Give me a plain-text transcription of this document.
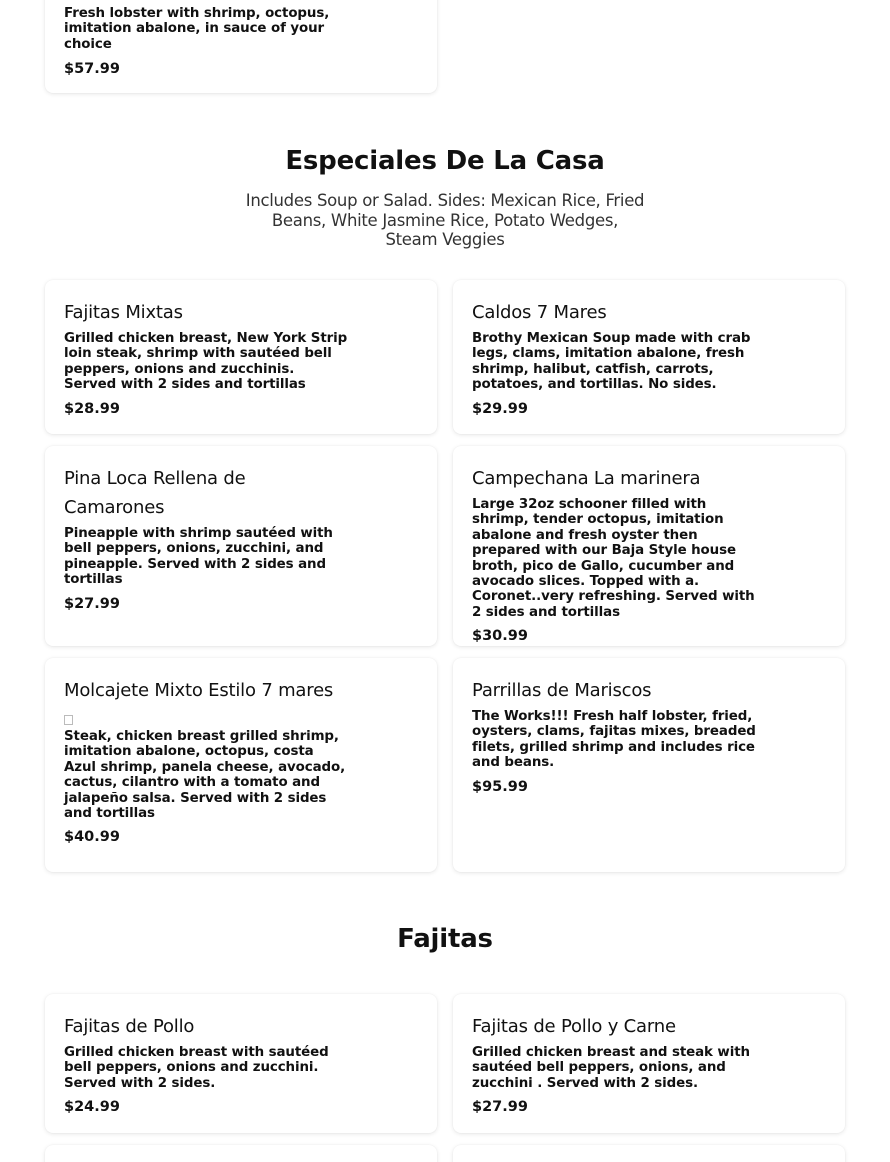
Fresh lobster with shrimp, octopus, imitation abalone, in sauce of your choice
$57.99
Especiales De La Casa
Includes Soup or Salad. Sides: Mexican Rice, Fried Beans, White Jasmine Rice, Potato Wedges, Steam Veggies
Fajitas Mixtas
Grilled chicken breast, New York Strip loin steak, shrimp with sautéed bell peppers, onions and zucchinis. Served with 2 sides and tortillas
$28.99
Caldos 7 Mares
Brothy Mexican Soup made with crab legs, clams, imitation abalone, fresh shrimp, halibut, catfish, carrots, potatoes, and tortillas. No sides.
$29.99
Pina Loca Rellena de Camarones
Pineapple with shrimp sautéed with bell peppers, onions, zucchini, and pineapple. Served with 2 sides and tortillas
$27.99
Campechana La marinera
Large 32oz schooner filled with shrimp, tender octopus, imitation abalone and fresh oyster then prepared with our Baja Style house broth, pico de Gallo, cucumber and avocado slices. Topped with a. Coronet..very refreshing. Served with 2 sides and tortillas
$30.99
Molcajete Mixto Estilo 7 mares
Steak, chicken breast grilled shrimp, imitation abalone, octopus, costa Azul shrimp, panela cheese, avocado, cactus, cilantro with a tomato and jalapeño salsa. Served with 2 sides and tortillas
$40.99
Parrillas de Mariscos
The Works!!! Fresh half lobster, fried, oysters, clams, fajitas mixes, breaded filets, grilled shrimp and includes rice and beans.
$95.99
Fajitas
Fajitas de Pollo
Grilled chicken breast with sautéed bell peppers, onions and zucchini. Served with 2 sides.
$24.99
Fajitas de Pollo y Carne
Grilled chicken breast and steak with sautéed bell peppers, onions, and zucchini . Served with 2 sides.
$27.99
